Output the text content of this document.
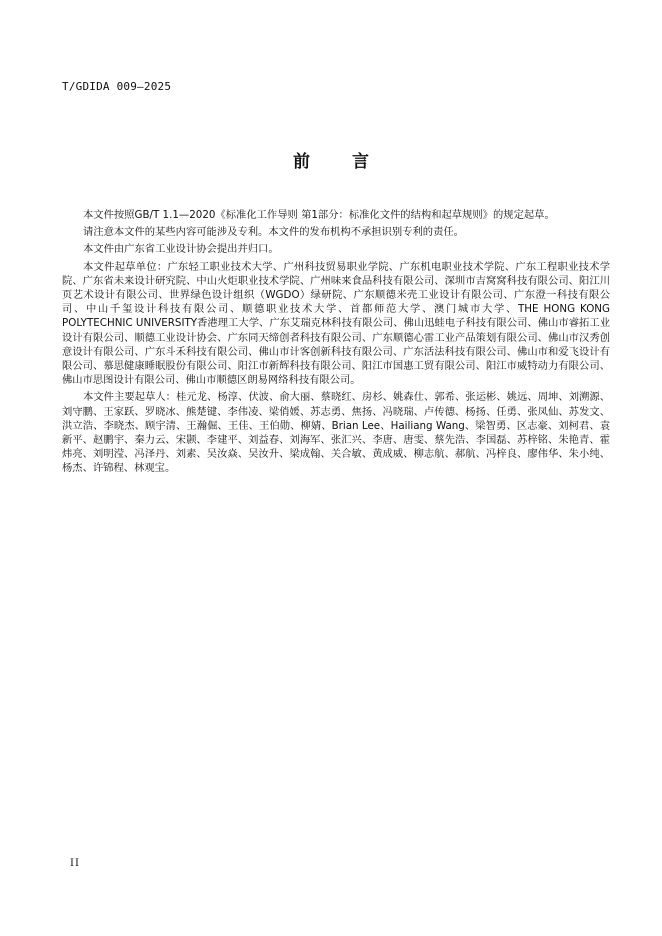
T/GDIDA 009—2025
前 言

本文件按照GB/T 1.1—2020《标准化工作导则 第1部分：标准化文件的结构和起草规则》的规定起草。

请注意本文件的某些内容可能涉及专利。本文件的发布机构不承担识别专利的责任。

本文件由广东省工业设计协会提出并归口。

本文件起草单位：广东轻工职业技术大学、广州科技贸易职业学院、广东机电职业技术学院、广东工程职业技术学院、广东省未来设计研究院、中山火炬职业技术学院、广州味来食品科技有限公司、深圳市吉窝窝科技有限公司、阳江川页艺术设计有限公司、世界绿色设计组织（WGDO）绿研院、广东顺德米壳工业设计有限公司、广东澄一科技有限公司、中山千玺设计科技有限公司、顺德职业技术大学、首都师范大学、澳门城市大学、THE HONG KONG POLYTECHNIC UNIVERSITY香港理工大学、广东艾瑞克林科技有限公司、佛山迅蛙电子科技有限公司、佛山市睿拓工业设计有限公司、顺德工业设计协会、广东同天缔创者科技有限公司、广东顺德心雷工业产品策划有限公司、佛山市汉秀创意设计有限公司、广东斗禾科技有限公司、佛山市计客创新科技有限公司、广东活法科技有限公司、佛山市和爱飞设计有限公司、慕思健康睡眠股份有限公司、阳江市新辉科技有限公司、阳江市国惠工贸有限公司、阳江市威特动力有限公司、佛山市思图设计有限公司、佛山市顺德区朗易网络科技有限公司。

本文件主要起草人：桂元龙、杨淳、伏波、俞大丽、蔡晓红、房杉、姚森仕、郭希、张运彬、姚远、周坤、刘溯源、刘守鹏、王家跃、罗晓冰、熊楚键、李伟凌、梁俏媛、苏志勇、焦扬、冯晓瑞、卢传德、杨扬、任勇、张凤仙、苏发文、洪立浩、李晓杰、顾宇清、王瀚倔、王佳、王伯勋、柳婧、Brian Lee、Hailiang Wang、梁智勇、区志豪、刘柯君、袁新平、赵鹏宇、秦力云、宋颢、李建平、刘益春、刘海军、张汇兴、李唐、唐雯、蔡先浩、李国磊、苏梓铭、朱艳青、霍炜亮、刘明滢、冯泽丹、刘素、吴汝焱、吴汝升、梁成翰、关合敏、黄成威、柳志航、郝航、冯梓良、廖伟华、朱小纯、杨杰、许锦程、林观宝。

II
